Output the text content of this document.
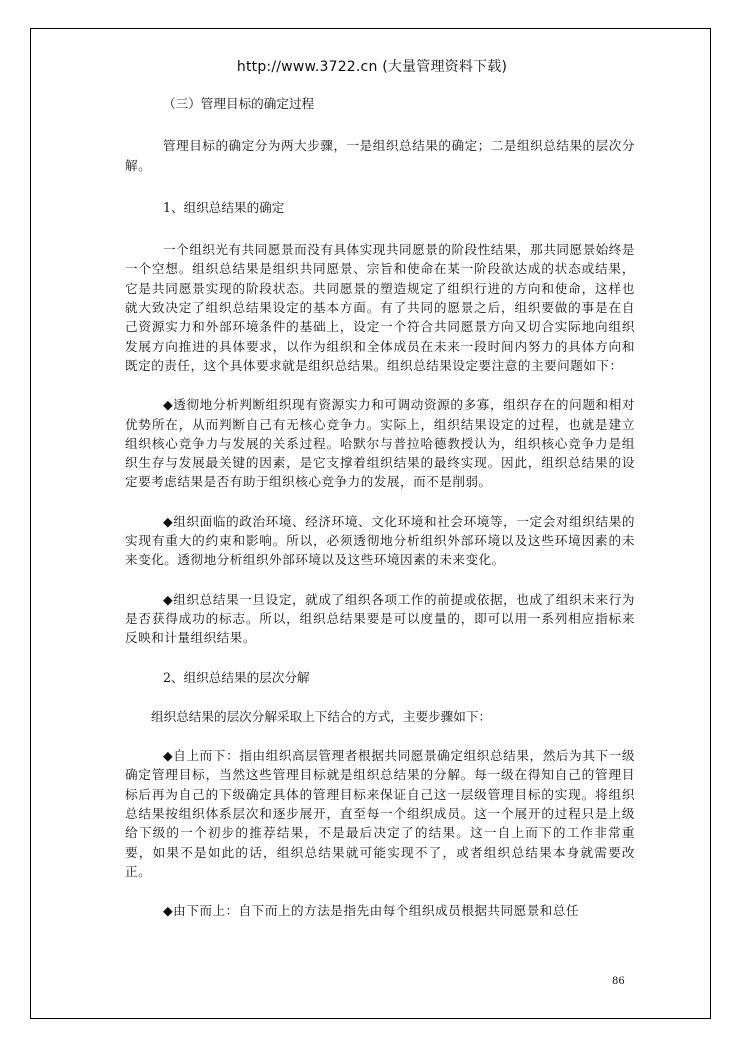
http://www.3722.cn (大量管理资料下载)

（三）管理目标的确定过程

管理目标的确定分为两大步骤，一是组织总结果的确定；二是组织总结果的层次分解。

1、组织总结果的确定

一个组织光有共同愿景而没有具体实现共同愿景的阶段性结果，那共同愿景始终是一个空想。组织总结果是组织共同愿景、宗旨和使命在某一阶段欲达成的状态或结果，它是共同愿景实现的阶段状态。共同愿景的塑造规定了组织行进的方向和使命，这样也就大致决定了组织总结果设定的基本方面。有了共同的愿景之后，组织要做的事是在自己资源实力和外部环境条件的基础上，设定一个符合共同愿景方向又切合实际地向组织发展方向推进的具体要求，以作为组织和全体成员在未来一段时间内努力的具体方向和既定的责任，这个具体要求就是组织总结果。组织总结果设定要注意的主要问题如下：

◆透彻地分析判断组织现有资源实力和可调动资源的多寡，组织存在的问题和相对优势所在，从而判断自己有无核心竞争力。实际上，组织结果设定的过程，也就是建立组织核心竞争力与发展的关系过程。哈默尔与普拉哈德教授认为，组织核心竞争力是组织生存与发展最关键的因素，是它支撑着组织结果的最终实现。因此，组织总结果的设定要考虑结果是否有助于组织核心竞争力的发展，而不是削弱。

◆组织面临的政治环境、经济环境、文化环境和社会环境等，一定会对组织结果的实现有重大的约束和影响。所以，必须透彻地分析组织外部环境以及这些环境因素的未来变化。透彻地分析组织外部环境以及这些环境因素的未来变化。

◆组织总结果一旦设定，就成了组织各项工作的前提或依据，也成了组织未来行为是否获得成功的标志。所以，组织总结果要是可以度量的，即可以用一系列相应指标来反映和计量组织结果。

2、组织总结果的层次分解

组织总结果的层次分解采取上下结合的方式，主要步骤如下：

◆自上而下：指由组织高层管理者根据共同愿景确定组织总结果，然后为其下一级确定管理目标，当然这些管理目标就是组织总结果的分解。每一级在得知自己的管理目标后再为自己的下级确定具体的管理目标来保证自己这一层级管理目标的实现。将组织总结果按组织体系层次和逐步展开，直至每一个组织成员。这一个展开的过程只是上级给下级的一个初步的推荐结果，不是最后决定了的结果。这一自上而下的工作非常重要，如果不是如此的话，组织总结果就可能实现不了，或者组织总结果本身就需要改正。

◆由下而上：自下而上的方法是指先由每个组织成员根据共同愿景和总任

86
